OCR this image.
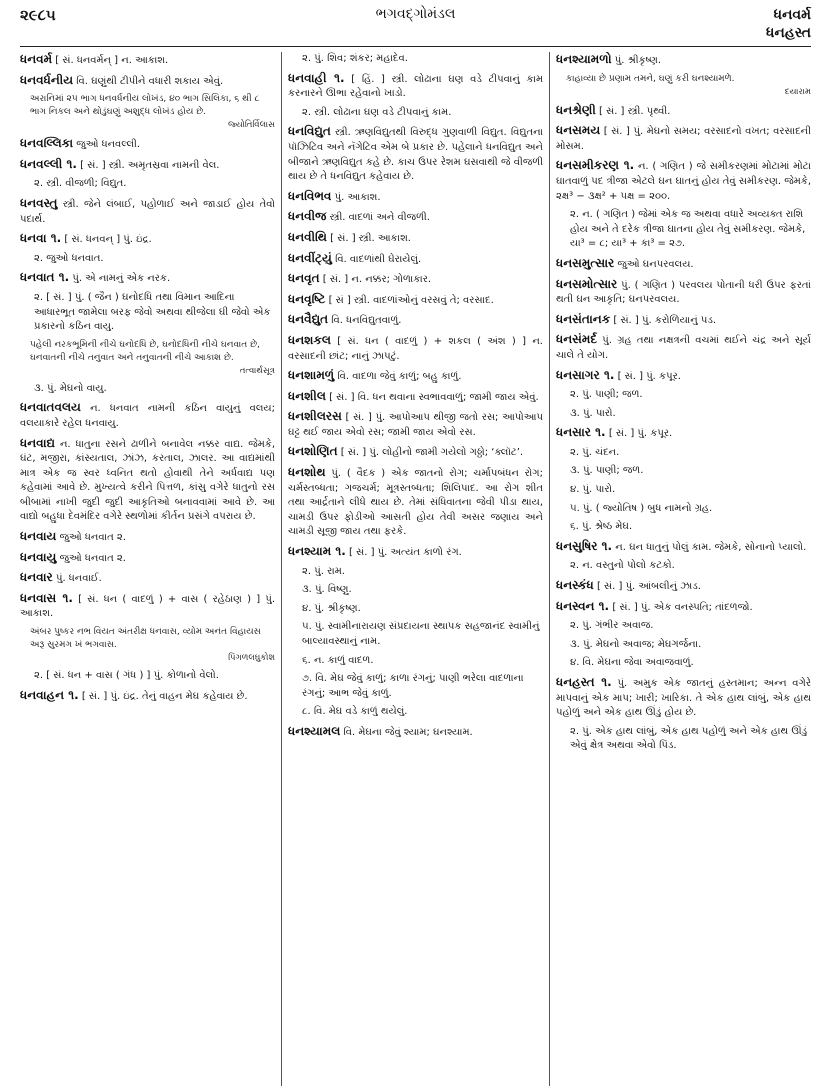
૨૯૮૫	ભગવદ્ગોમંડલ	ધનવર્મ
ધનહસ્ત
ધનવર્મ [ સં. ધનવર્મન્ ] ન. આકાશ.
ધનવર્ધનીય વિ. ઘણુંથી ટીપીને વધારી શકાય એવું.
અરાનિમાં ૨૫ ભાગ ધનવર્ધનીય લોખંડ, ૪૦ ભાગ સિલિકા, ૬ થી ૮ ભાગ નિકલ અને થોડુંઘણું અશુદ્ધ લોખંડ હોય છે.
જ્યોતિર્વિલાસ
ધનવલ્લિકા જુઓ ધનવલ્લી.
ધનવલ્લી ૧. [ સં. ] સ્ત્રી. અમૃતસ્રવા નામની વેલ.
૨. સ્ત્રી. વીજળી; વિદ્યુત.
ધનવસ્તુ સ્ત્રી. જેને લંબાઈ, પહોળાઈ અને જાડાઈ હોય તેવો પદાર્થ.
ધનવા ૧. [ સં. ધનવન્ ] પું. ઇંદ્ર.
૨. જુઓ ધનવાત.
ધનવાત ૧. પું. એ નામનું એક નરક.
૨. [ સં. ] પું. ( જૈન ) ઘનોદધિ તથા વિમાન આદિના આધારભૂત જામેલા બરફ જેવો અથવા થીજેલા ઘી જેવો એક પ્રકારનો કઠિન વાયુ.
પહેલી નરકભૂમિની નીચે ઘનોદધિ છે, ઘનોદધિની નીચે ઘનવાત છે, ઘનવાતની નીચે તનુવાત અને તનુવાતની નીચે આકાશ છે.
તત્વાર્થસૂત્ર
૩. પું. મેઘનો વાયુ.
ધનવાતવલય ન. ધનવાત નામની કઠિન વાયુનું વલય; વલયાકારે રહેલ ધનવાયુ.
ધનવાદ્ય ન. ધાતુના રસને ઢાળીને બનાવેલ નક્કર વાદ્ય. જેમકે, ઘંટ, મજીરા, કાંસ્યતાલ, ઝાંઝ, કરતાલ, ઝાલર. આ વાદ્યમાંથી માત્ર એક જ સ્વર ધ્વનિત થતો હોવાથી તેને અર્ધવાદ્ય પણ કહેવામાં આવે છે. મુખ્યત્વે કરીને પિત્તળ, કાંસુ વગેરે ધાતુનો રસ બીબામાં નાખી જુદી જુદી આકૃતિઓ બનાવવામાં આવે છે. આ વાદ્યો બહુધા દેવમંદિર વગેરે સ્થળોમાં કીર્તન પ્રસંગે વપરાય છે.
ધનવાય જુઓ ધનવાત ૨.
ધનવાયુ જુઓ ધનવાત ૨.
ધનવાર પું. ધનવાઈ.
ધનવાસ ૧. [ સં. ધન ( વાદળું ) + વાસ ( રહેઠાણ ) ] પું. આકાશ.
અંબર પુષ્કર નભ વિયત અંતરીક્ષ ધનવાસ, વ્યોમ અનંત વિહાયસ અરૂ સુરમગ ખં ભગવાસ.
પિંગળલઘુકોશ
૨. [ સં. ધન + વાસ ( ગંધ ) ] પું. કોળાનો વેલો.
ધનવાહન ૧. [ સં. ] પું. ઇંદ્ર. તેનું વાહન મેઘ કહેવાય છે.
૨. પું. શિવ; શંકર; મહાદેવ.
ધનવાહી ૧. [ હિં. ] સ્ત્રી. લોઢાના ઘણ વડે ટીપવાનું કામ કરનારને ઊભા રહેવાનો ખાડો.
૨. સ્ત્રી. લોઢાના ઘણ વડે ટીપવાનું કામ.
ધનવિદ્યુત સ્ત્રી. ઋણવિદ્યુતથી વિરુદ્ધ ગુણવાળી વિદ્યુત. વિદ્યુતના પૉઝિટિવ અને નૅગેટિવ એમ બે પ્રકાર છે. પહેલાને ધનવિદ્યુત અને બીજાને ઋણવિદ્યુત કહે છે. કાચ ઉપર રેશમ ઘસવાથી જે વીજળી થાય છે તે ધનવિદ્યુત કહેવાય છે.
ધનવિભવ પું. આકાશ.
ધનવીજ સ્ત્રી. વાદળાં અને વીજળી.
ધનવીથિ [ સં. ] સ્ત્રી. આકાશ.
ધનવીંટ્યું વિ. વાદળાંથી ઘેરાયેલું.
ધનવૃત [ સં. ] ન. નક્કર; ગોળાકાર.
ધનવૃષ્ટિ [ સં ] સ્ત્રી. વાદળાંઓનું વરસવું તે; વરસાદ.
ધનવૈદ્યુત વિ. ધનવિદ્યુતવાળું.
ધનશકલ [ સં. ધન ( વાદળું ) + શકલ ( અંશ ) ] ન. વરસાદની છાંટ; નાનું ઝાપટું.
ધનશામળું વિ. વાદળા જેવું કાળું; બહુ કાળું.
ધનશીલ [ સં. ] વિ. ધન થવાના સ્વભાવવાળું; જામી જાય એવું.
ધનશીલરસ [ સં. ] પું. આપોઆપ થીજી જતો રસ; આપોઆપ ઘટ્ટ થઈ જાય એવો રસ; જામી જાય એવો રસ.
ધનશોણિત [ સં. ] પું. લોહીનો જામી ગયેલો ગઠ્ઠો; ‘ક્લૉટ’.
ધનશોથ પું. ( વૈદક ) એક જાતનો રોગ; ચર્માપબંધન રોગ; ચર્મસ્તબ્ધતા; ગજચર્મ; મૂત્રસ્તબ્ધતા; શિલિપાદ. આ રોગ શીત તથા આર્દ્રતાને લીધે થાય છે. તેમાં સંધિવાતના જેવી પીડા થાય, ચામડી ઉપર ફોડીઓ આસતી હોય તેવી અસર જણાય અને ચામડી સૂજી જાય તથા ફરકે.
ધનશ્યામ ૧. [ સં. ] પું. અત્યંત કાળો રંગ.
૨. પું. રામ.
૩. પું. વિષ્ણુ.
૪. પું. શ્રીકૃષ્ણ.
૫. પું. સ્વામીનારાયણ સંપ્રદાયના સ્થાપક સહજાનંદ સ્વામીનું બાલ્યાવસ્થાનું નામ.
૬. ન. કાળું વાદળ.
૭. વિ. મેઘ જેવું કાળું; કાળા રંગનું; પાણી ભરેલા વાદળાના રંગનું; આભ જેવું કાળું.
૮. વિ. મેઘ વડે કાળું થયેલું.
ધનશ્યામલ વિ. મેઘના જેવું શ્યામ; ઘનશ્યામ.
ધનશ્યામળો પું. શ્રીકૃષ્ણ.
કાહાવ્યા છે પ્રણામ તમને, ઘણું કરી ઘનશ્યામળે.
દયારામ
ધનશ્રેણી [ સં. ] સ્ત્રી. પૃથ્વી.
ધનસમય [ સં. ] પું. મેઘનો સમય; વરસાદનો વખત; વરસાદની મોસમ.
ધનસમીકરણ ૧. ન. ( ગણિત ) જે સમીકરણમાં મોટામાં મોટા ઘાતવાળું પદ ત્રીજા એટલે ઘન ઘાતનું હોય તેવું સમીકરણ. જેમકે, ૨ક્ષ³ − ૩ક્ષ² + ૫ક્ષ = ૨૦૦.
૨. ન. ( ગણિત ) જેમાં એક જ અથવા વધારે અવ્યક્ત રાશિ હોય અને તે દરેક ત્રીજા ઘાતના હોય તેવું સમીકરણ. જેમકે, યા³ = ૮; યા³ + કા³ = ૨૭.
ધનસમુત્સાર જુઓ ઘનપરવલય.
ધનસમોત્સાર પું. ( ગણિત ) પરવલય પોતાની ધરી ઉપર ફરતાં થતી ઘન આકૃતિ; ઘનપરવલય.
ધનસંતાનક [ સં. ] પું. કરોળિયાનું પડ.
ધનસંમર્દ પું. ગ્રહ તથા નક્ષત્રની વચમાં થઈને ચંદ્ર અને સૂર્ય ચાલે તે યોગ.
ધનસાગર ૧. [ સં. ] પું. કપૂર.
૨. પું. પાણી; જળ.
૩. પું. પારો.
ધનસાર ૧. [ સં. ] પું. કપૂર.
૨. પું. ચંદન.
૩. પું. પાણી; જળ.
૪. પું. પારો.
૫. પું. ( જ્યોતિષ ) બુધ નામનો ગ્રહ.
૬. પું. શ્રેષ્ઠ મેઘ.
ધનસુષિર ૧. ન. ઘન ધાતુનું પોલું કામ. જેમકે, સોનાનો પ્યાલો.
૨. ન. વસ્તુનો પોલો કટકો.
ધનસ્કંધ [ સં. ] પું. આંબલીનું ઝાડ.
ધનસ્વન ૧. [ સં. ] પું. એક વનસ્પતિ; તાંદળજો.
૨. પું. ગંભીર અવાજ.
૩. પું. મેઘનો અવાજ; મેઘગર્જના.
૪. વિ. મેઘના જેવા અવાજવાળું.
ધનહસ્ત ૧. પું. અમુક એક જાતનું હસ્તમાન; અન્ન વગેરે માપવાનું એક માપ; ખારી; ખારિકા. તે એક હાથ લાંબું, એક હાથ પહોળું અને એક હાથ ઊંડું હોય છે.
૨. પું. એક હાથ લાંબું, એક હાથ પહોળું અને એક હાથ ઊંડું એવું ક્ષેત્ર અથવા એવો પિંડ.
